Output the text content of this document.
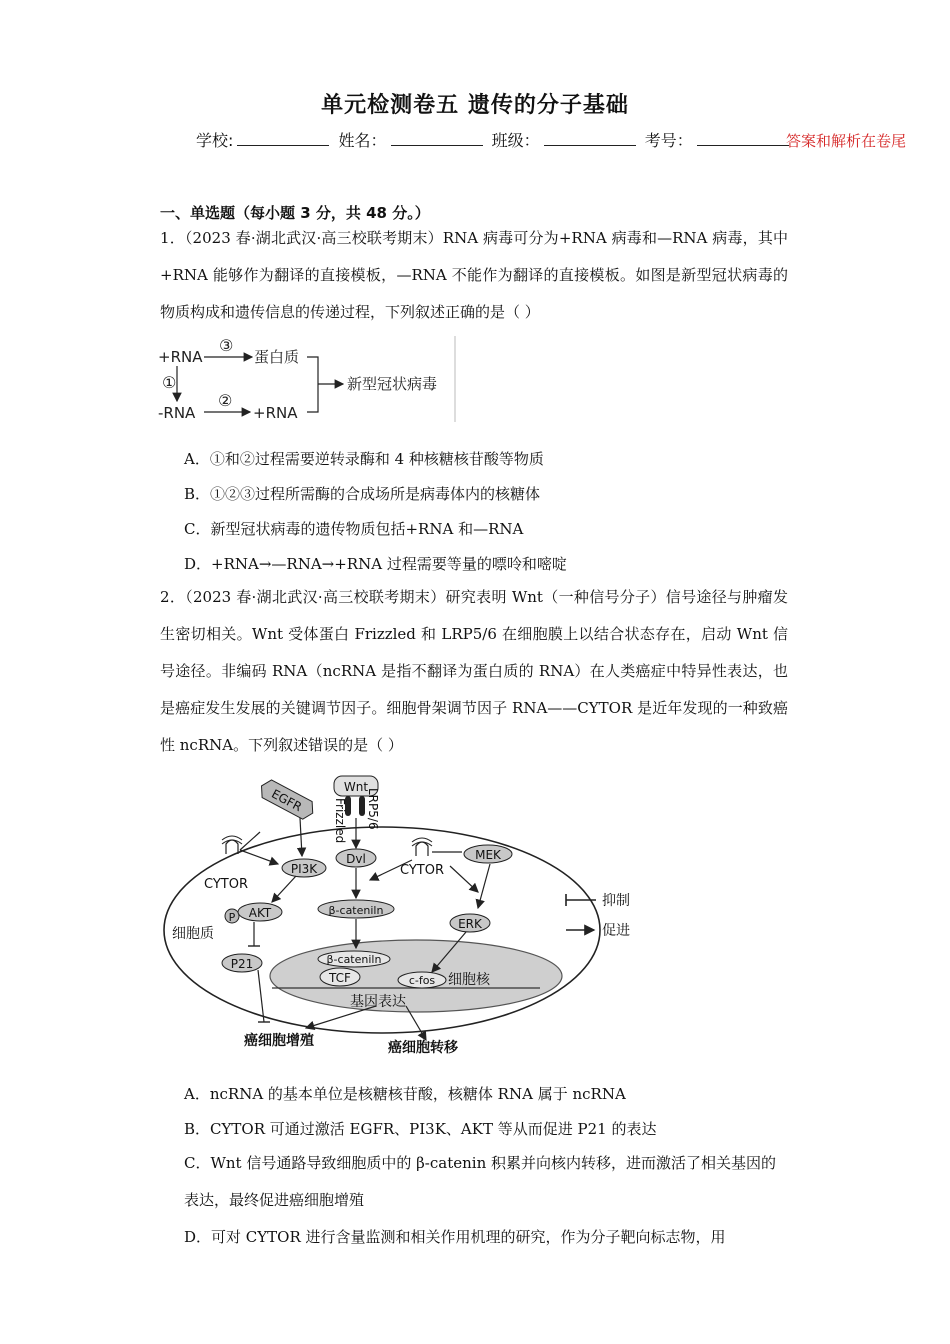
单元检测卷五 遗传的分子基础
学校:	姓名：	班级：	考号：	答案和解析在卷尾
一、单选题（每小题 3 分，共 48 分。）
1．（2023 春·湖北武汉·高三校联考期末）RNA 病毒可分为+RNA 病毒和—RNA 病毒，其中+RNA 能够作为翻译的直接模板，—RNA 不能作为翻译的直接模板。如图是新型冠状病毒的物质构成和遗传信息的传递过程，下列叙述正确的是（ ）
+RNA
③
蛋白质
①
-RNA
②
+RNA
新型冠状病毒
A．①和②过程需要逆转录酶和 4 种核糖核苷酸等物质
B．①②③过程所需酶的合成场所是病毒体内的核糖体
C．新型冠状病毒的遗传物质包括+RNA 和—RNA
D．+RNA→—RNA→+RNA 过程需要等量的嘌呤和嘧啶
2．（2023 春·湖北武汉·高三校联考期末）研究表明 Wnt（一种信号分子）信号途径与肿瘤发生密切相关。Wnt 受体蛋白 Frizzled 和 LRP5/6 在细胞膜上以结合状态存在，启动 Wnt 信号途径。非编码 RNA（ncRNA 是指不翻译为蛋白质的 RNA）在人类癌症中特异性表达，也是癌症发生发展的关键调节因子。细胞骨架调节因子 RNA——CYTOR 是近年发现的一种致癌性 ncRNA。下列叙述错误的是（ ）
Wnt
Frizzled LRP5/6
EGFR
CYTOR
PI3K
Dvl
CYTOR
MEK
P AKT	β-cateniln
ERK
细胞质
P21	β-cateniln
TCF	c-fos 细胞核
基因表达
癌细胞增殖	癌细胞转移
抑制
促进
A．ncRNA 的基本单位是核糖核苷酸，核糖体 RNA 属于 ncRNA
B．CYTOR 可通过激活 EGFR、PI3K、AKT 等从而促进 P21 的表达
C．Wnt 信号通路导致细胞质中的 β-catenin 积累并向核内转移，进而激活了相关基因的表达，最终促进癌细胞增殖
D．可对 CYTOR 进行含量监测和相关作用机理的研究，作为分子靶向标志物，用
